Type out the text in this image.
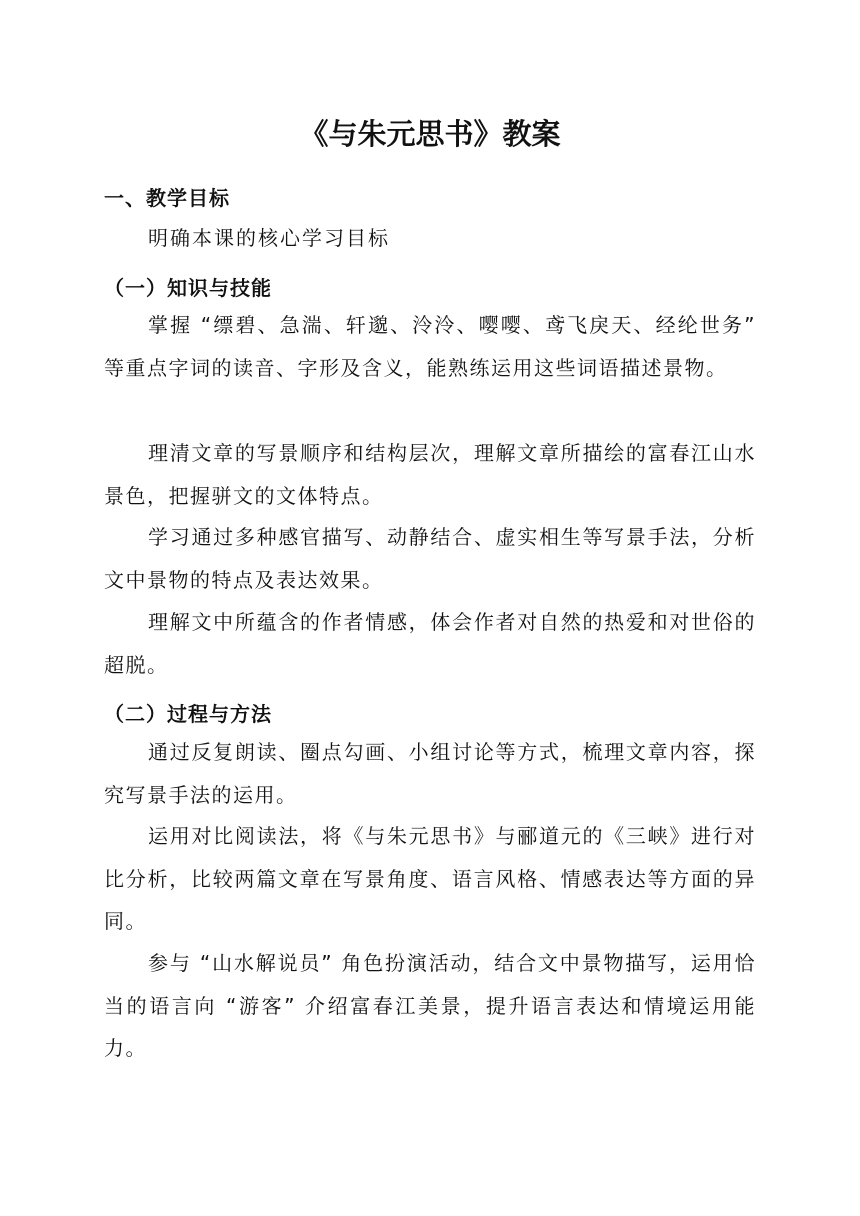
《与朱元思书》教案
一、教学目标
明确本课的核心学习目标
（一）知识与技能

掌握 “缥碧、急湍、轩邈、泠泠、嘤嘤、鸢飞戾天、经纶世务” 等重点字词的读音、字形及含义，能熟练运用这些词语描述景物。

理清文章的写景顺序和结构层次，理解文章所描绘的富春江山水景色，把握骈文的文体特点。

学习通过多种感官描写、动静结合、虚实相生等写景手法，分析文中景物的特点及表达效果。

理解文中所蕴含的作者情感，体会作者对自然的热爱和对世俗的超脱。

（二）过程与方法

通过反复朗读、圈点勾画、小组讨论等方式，梳理文章内容，探究写景手法的运用。

运用对比阅读法，将《与朱元思书》与郦道元的《三峡》进行对比分析，比较两篇文章在写景角度、语言风格、情感表达等方面的异同。

参与 “山水解说员” 角色扮演活动，结合文中景物描写，运用恰当的语言向 “游客” 介绍富春江美景，提升语言表达和情境运用能力。
